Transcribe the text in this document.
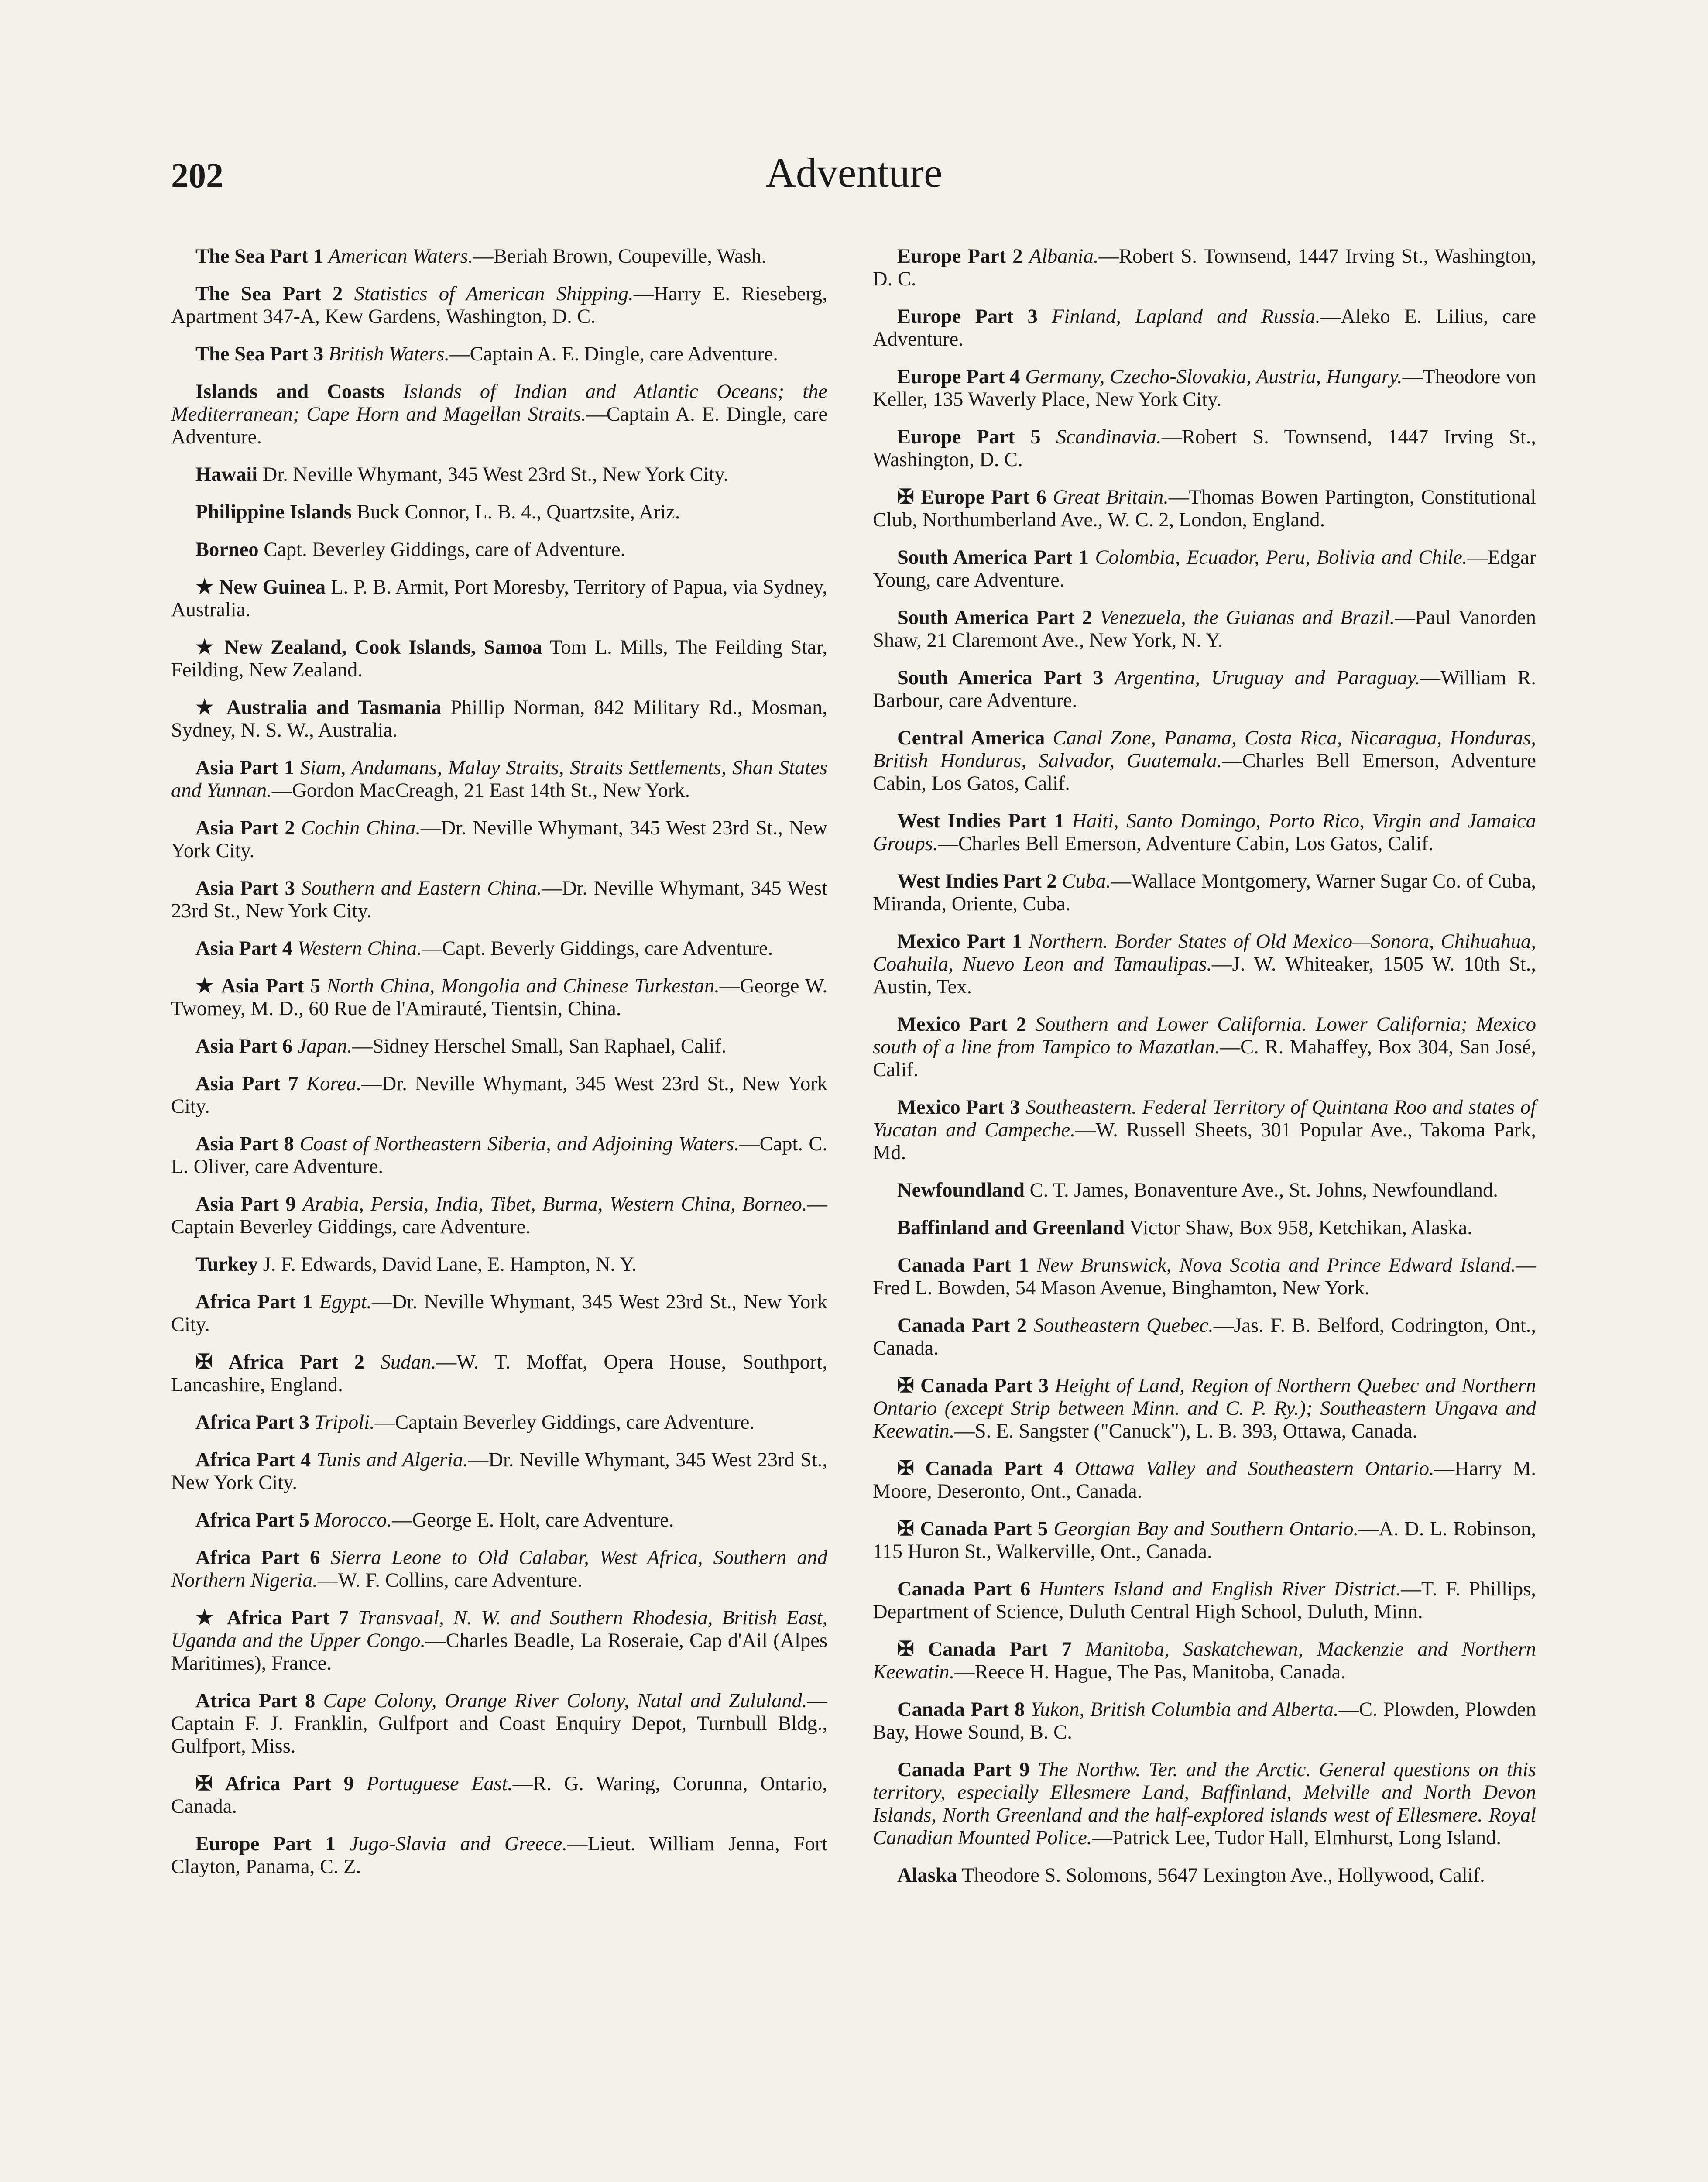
202	Adventure

The Sea Part 1 American Waters.—Beriah Brown, Coupeville, Wash.

The Sea Part 2 Statistics of American Shipping.—Harry E. Rieseberg, Apartment 347-A, Kew Gardens, Washington, D. C.

The Sea Part 3 British Waters.—Captain A. E. Dingle, care Adventure.

Islands and Coasts Islands of Indian and Atlantic Oceans; the Mediterranean; Cape Horn and Magellan Straits.—Captain A. E. Dingle, care Adventure.

Hawaii Dr. Neville Whymant, 345 West 23rd St., New York City.

Philippine Islands Buck Connor, L. B. 4., Quartzsite, Ariz.

Borneo Capt. Beverley Giddings, care of Adventure.

★ New Guinea L. P. B. Armit, Port Moresby, Territory of Papua, via Sydney, Australia.

★ New Zealand, Cook Islands, Samoa Tom L. Mills, The Feilding Star, Feilding, New Zealand.

★ Australia and Tasmania Phillip Norman, 842 Military Rd., Mosman, Sydney, N. S. W., Australia.

Asia Part 1 Siam, Andamans, Malay Straits, Straits Settlements, Shan States and Yunnan.—Gordon MacCreagh, 21 East 14th St., New York.

Asia Part 2 Cochin China.—Dr. Neville Whymant, 345 West 23rd St., New York City.

Asia Part 3 Southern and Eastern China.—Dr. Neville Whymant, 345 West 23rd St., New York City.

Asia Part 4 Western China.—Capt. Beverly Giddings, care Adventure.

★ Asia Part 5 North China, Mongolia and Chinese Turkestan.—George W. Twomey, M. D., 60 Rue de l'Amirauté, Tientsin, China.

Asia Part 6 Japan.—Sidney Herschel Small, San Raphael, Calif.

Asia Part 7 Korea.—Dr. Neville Whymant, 345 West 23rd St., New York City.

Asia Part 8 Coast of Northeastern Siberia, and Adjoining Waters.—Capt. C. L. Oliver, care Adventure.

Asia Part 9 Arabia, Persia, India, Tibet, Burma, Western China, Borneo.—Captain Beverley Giddings, care Adventure.

Turkey J. F. Edwards, David Lane, E. Hampton, N. Y.

Africa Part 1 Egypt.—Dr. Neville Whymant, 345 West 23rd St., New York City.

✠ Africa Part 2 Sudan.—W. T. Moffat, Opera House, Southport, Lancashire, England.

Africa Part 3 Tripoli.—Captain Beverley Giddings, care Adventure.

Africa Part 4 Tunis and Algeria.—Dr. Neville Whymant, 345 West 23rd St., New York City.

Africa Part 5 Morocco.—George E. Holt, care Adventure.

Africa Part 6 Sierra Leone to Old Calabar, West Africa, Southern and Northern Nigeria.—W. F. Collins, care Adventure.

★ Africa Part 7 Transvaal, N. W. and Southern Rhodesia, British East, Uganda and the Upper Congo.—Charles Beadle, La Roseraie, Cap d'Ail (Alpes Maritimes), France.

Atrica Part 8 Cape Colony, Orange River Colony, Natal and Zululand.—Captain F. J. Franklin, Gulfport and Coast Enquiry Depot, Turnbull Bldg., Gulfport, Miss.

✠ Africa Part 9 Portuguese East.—R. G. Waring, Corunna, Ontario, Canada.

Europe Part 1 Jugo-Slavia and Greece.—Lieut. William Jenna, Fort Clayton, Panama, C. Z.

Europe Part 2 Albania.—Robert S. Townsend, 1447 Irving St., Washington, D. C.

Europe Part 3 Finland, Lapland and Russia.—Aleko E. Lilius, care Adventure.

Europe Part 4 Germany, Czecho-Slovakia, Austria, Hungary.—Theodore von Keller, 135 Waverly Place, New York City.

Europe Part 5 Scandinavia.—Robert S. Townsend, 1447 Irving St., Washington, D. C.

✠ Europe Part 6 Great Britain.—Thomas Bowen Partington, Constitutional Club, Northumberland Ave., W. C. 2, London, England.

South America Part 1 Colombia, Ecuador, Peru, Bolivia and Chile.—Edgar Young, care Adventure.

South America Part 2 Venezuela, the Guianas and Brazil.—Paul Vanorden Shaw, 21 Claremont Ave., New York, N. Y.

South America Part 3 Argentina, Uruguay and Paraguay.—William R. Barbour, care Adventure.

Central America Canal Zone, Panama, Costa Rica, Nicaragua, Honduras, British Honduras, Salvador, Guatemala.—Charles Bell Emerson, Adventure Cabin, Los Gatos, Calif.

West Indies Part 1 Haiti, Santo Domingo, Porto Rico, Virgin and Jamaica Groups.—Charles Bell Emerson, Adventure Cabin, Los Gatos, Calif.

West Indies Part 2 Cuba.—Wallace Montgomery, Warner Sugar Co. of Cuba, Miranda, Oriente, Cuba.

Mexico Part 1 Northern. Border States of Old Mexico—Sonora, Chihuahua, Coahuila, Nuevo Leon and Tamaulipas.—J. W. Whiteaker, 1505 W. 10th St., Austin, Tex.

Mexico Part 2 Southern and Lower California. Lower California; Mexico south of a line from Tampico to Mazatlan.—C. R. Mahaffey, Box 304, San José, Calif.

Mexico Part 3 Southeastern. Federal Territory of Quintana Roo and states of Yucatan and Campeche.—W. Russell Sheets, 301 Popular Ave., Takoma Park, Md.

Newfoundland C. T. James, Bonaventure Ave., St. Johns, Newfoundland.

Baffinland and Greenland Victor Shaw, Box 958, Ketchikan, Alaska.

Canada Part 1 New Brunswick, Nova Scotia and Prince Edward Island.—Fred L. Bowden, 54 Mason Avenue, Binghamton, New York.

Canada Part 2 Southeastern Quebec.—Jas. F. B. Belford, Codrington, Ont., Canada.

✠ Canada Part 3 Height of Land, Region of Northern Quebec and Northern Ontario (except Strip between Minn. and C. P. Ry.); Southeastern Ungava and Keewatin.—S. E. Sangster ("Canuck"), L. B. 393, Ottawa, Canada.

✠ Canada Part 4 Ottawa Valley and Southeastern Ontario.—Harry M. Moore, Deseronto, Ont., Canada.

✠ Canada Part 5 Georgian Bay and Southern Ontario.—A. D. L. Robinson, 115 Huron St., Walkerville, Ont., Canada.

Canada Part 6 Hunters Island and English River District.—T. F. Phillips, Department of Science, Duluth Central High School, Duluth, Minn.

✠ Canada Part 7 Manitoba, Saskatchewan, Mackenzie and Northern Keewatin.—Reece H. Hague, The Pas, Manitoba, Canada.

Canada Part 8 Yukon, British Columbia and Alberta.—C. Plowden, Plowden Bay, Howe Sound, B. C.

Canada Part 9 The Northw. Ter. and the Arctic. General questions on this territory, especially Ellesmere Land, Baffinland, Melville and North Devon Islands, North Greenland and the half-explored islands west of Ellesmere. Royal Canadian Mounted Police.—Patrick Lee, Tudor Hall, Elmhurst, Long Island.

Alaska Theodore S. Solomons, 5647 Lexington Ave., Hollywood, Calif.
